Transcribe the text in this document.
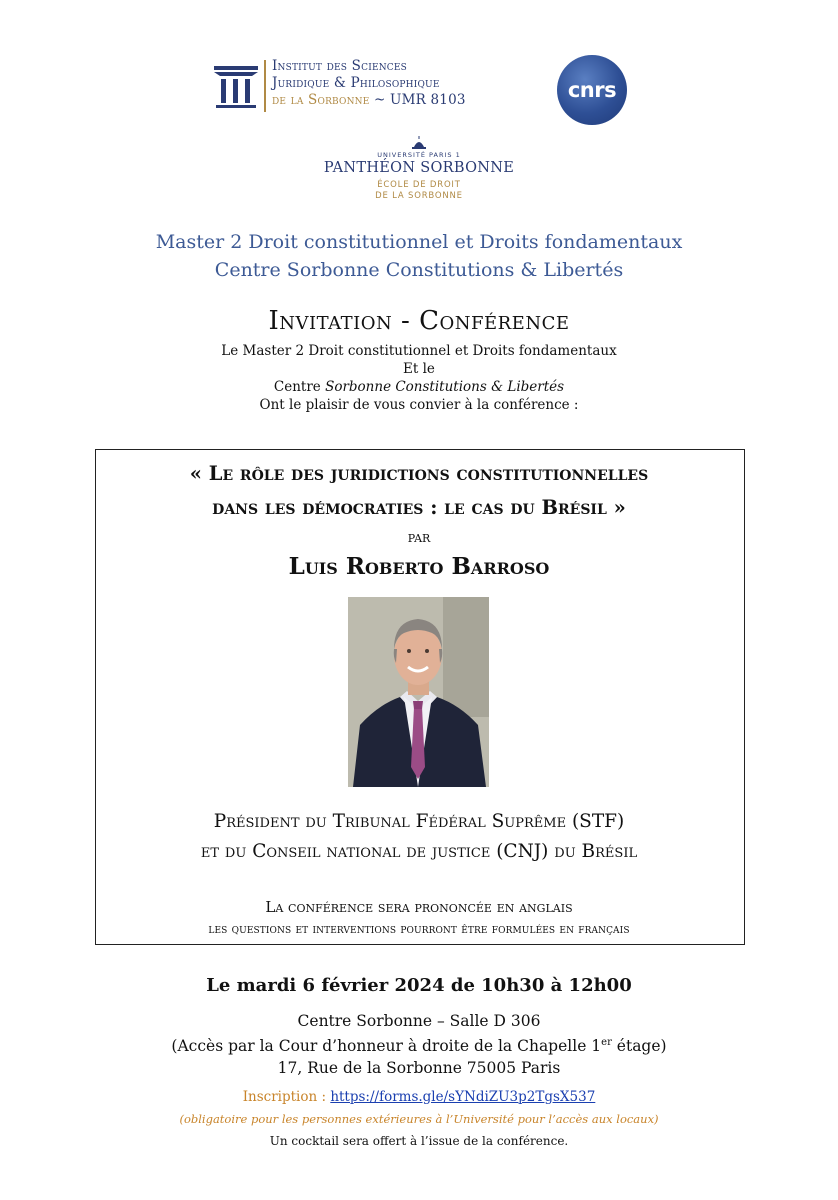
Institut des Sciences
Juridique & Philosophique
de la Sorbonne ~ UMR 8103	cnrs
UNIVERSITÉ PARIS 1
PANTHÉON SORBONNE
ÉCOLE DE DROIT
DE LA SORBONNE
Master 2 Droit constitutionnel et Droits fondamentaux
Centre Sorbonne Constitutions & Libertés
Invitation - Conférence
Le Master 2 Droit constitutionnel et Droits fondamentaux
Et le
Centre Sorbonne Constitutions & Libertés
Ont le plaisir de vous convier à la conférence :
« Le rôle des juridictions constitutionnelles
dans les démocraties : le cas du Brésil »
par
Luis Roberto Barroso
Président du Tribunal Fédéral Suprême (STF)
et du Conseil national de justice (CNJ) du Brésil
La conférence sera prononcée en anglais
les questions et interventions pourront être formulées en français
Le mardi 6 février 2024 de 10h30 à 12h00
Centre Sorbonne – Salle D 306
(Accès par la Cour d’honneur à droite de la Chapelle 1er étage)
17, Rue de la Sorbonne 75005 Paris
Inscription : https://forms.gle/sYNdiZU3p2TgsX537
(obligatoire pour les personnes extérieures à l’Université pour l’accès aux locaux)
Un cocktail sera offert à l’issue de la conférence.
